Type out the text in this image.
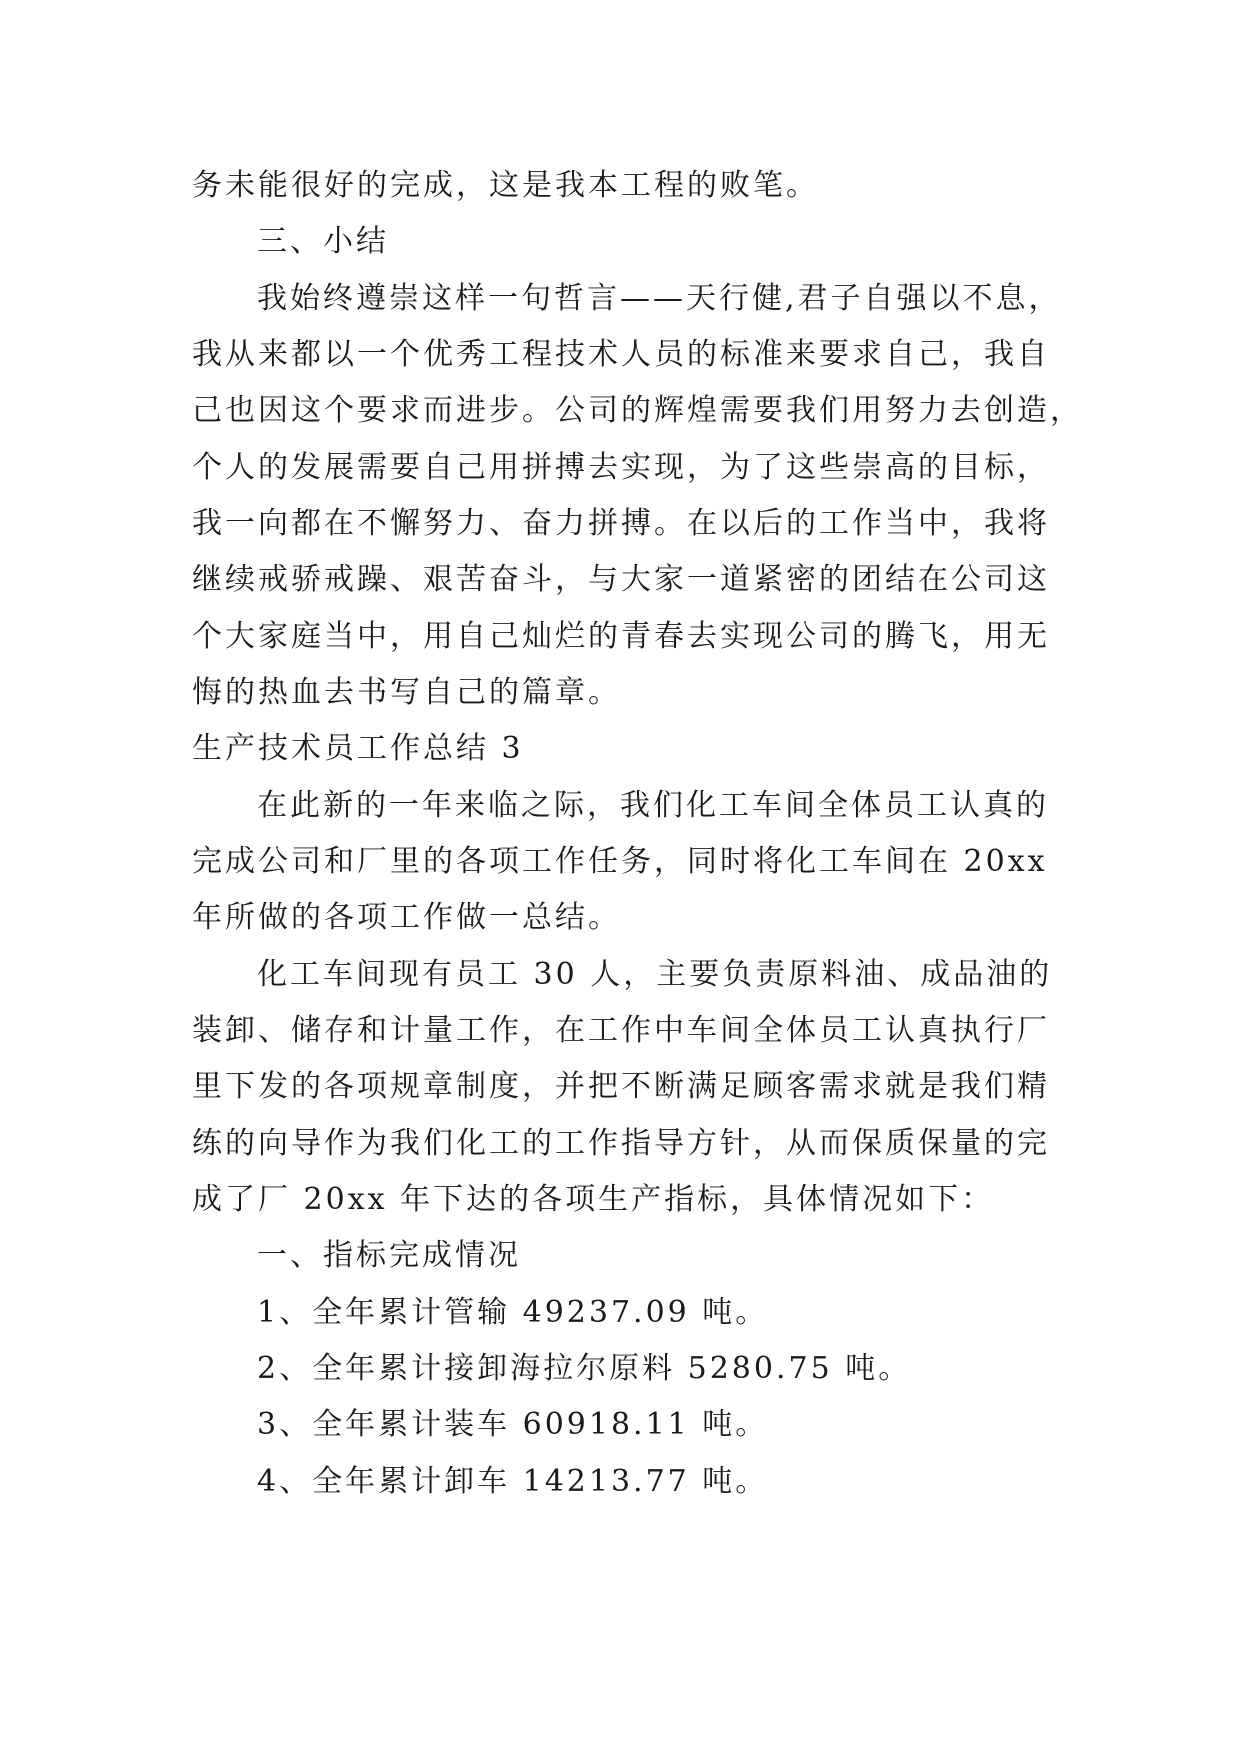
务未能很好的完成，这是我本工程的败笔。
三、小结
我始终遵崇这样一句哲言——天行健,君子自强以不息，
我从来都以一个优秀工程技术人员的标准来要求自己，我自
己也因这个要求而进步。公司的辉煌需要我们用努力去创造，
个人的发展需要自己用拼搏去实现，为了这些崇高的目标，
我一向都在不懈努力、奋力拼搏。在以后的工作当中，我将
继续戒骄戒躁、艰苦奋斗，与大家一道紧密的团结在公司这
个大家庭当中，用自己灿烂的青春去实现公司的腾飞，用无
悔的热血去书写自己的篇章。
生产技术员工作总结 3
在此新的一年来临之际，我们化工车间全体员工认真的
完成公司和厂里的各项工作任务，同时将化工车间在 20xx
年所做的各项工作做一总结。
化工车间现有员工 30 人，主要负责原料油、成品油的
装卸、储存和计量工作，在工作中车间全体员工认真执行厂
里下发的各项规章制度，并把不断满足顾客需求就是我们精
练的向导作为我们化工的工作指导方针，从而保质保量的完
成了厂 20xx 年下达的各项生产指标，具体情况如下：
一、指标完成情况
1、全年累计管输 49237.09 吨。
2、全年累计接卸海拉尔原料 5280.75 吨。
3、全年累计装车 60918.11 吨。
4、全年累计卸车 14213.77 吨。
